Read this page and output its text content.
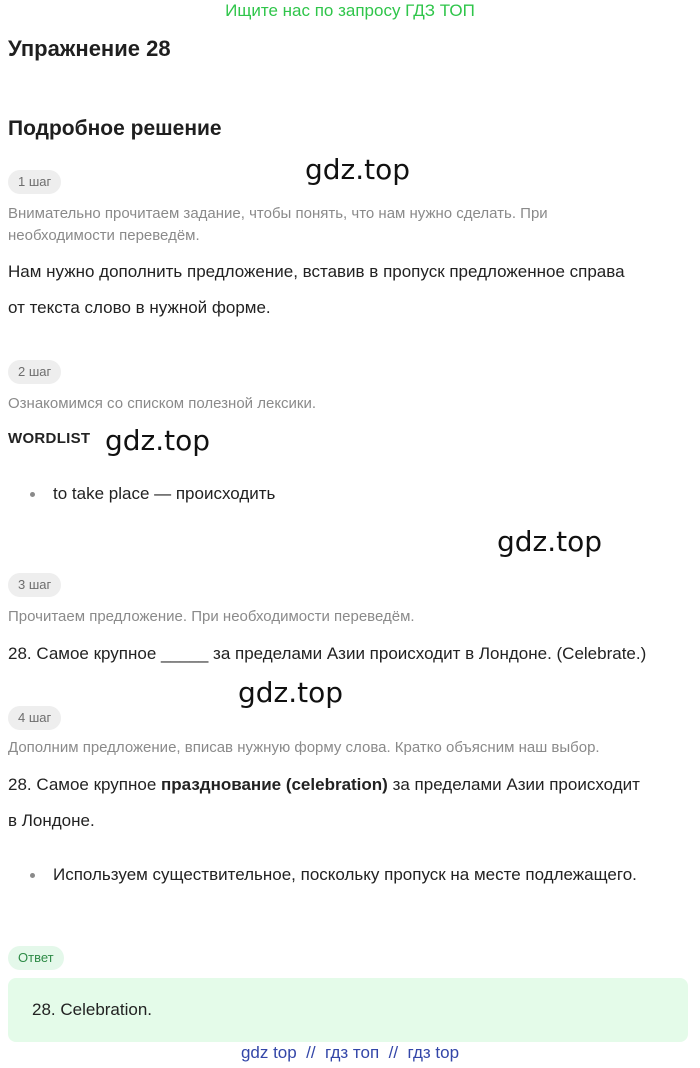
Ищите нас по запросу ГДЗ ТОП
Упражнение 28
Подробное решение
1 шаг	gdz.top
Внимательно прочитаем задание, чтобы понять, что нам нужно сделать. При
необходимости переведём.
Нам нужно дополнить предложение, вставив в пропуск предложенное справа
от текста слово в нужной форме.
2 шаг
Ознакомимся со списком полезной лексики.
WORDLIST gdz.top
to take place — происходить
gdz.top
3 шаг
Прочитаем предложение. При необходимости переведём.
28. Самое крупное _____ за пределами Азии происходит в Лондоне. (Celebrate.)
gdz.top
4 шаг
Дополним предложение, вписав нужную форму слова. Кратко объясним наш выбор.
28. Самое крупное празднование (celebration) за пределами Азии происходит
в Лондоне.
Используем существительное, поскольку пропуск на месте подлежащего.
Ответ
28. Celebration.
gdz top  //  гдз топ  //  гдз top
